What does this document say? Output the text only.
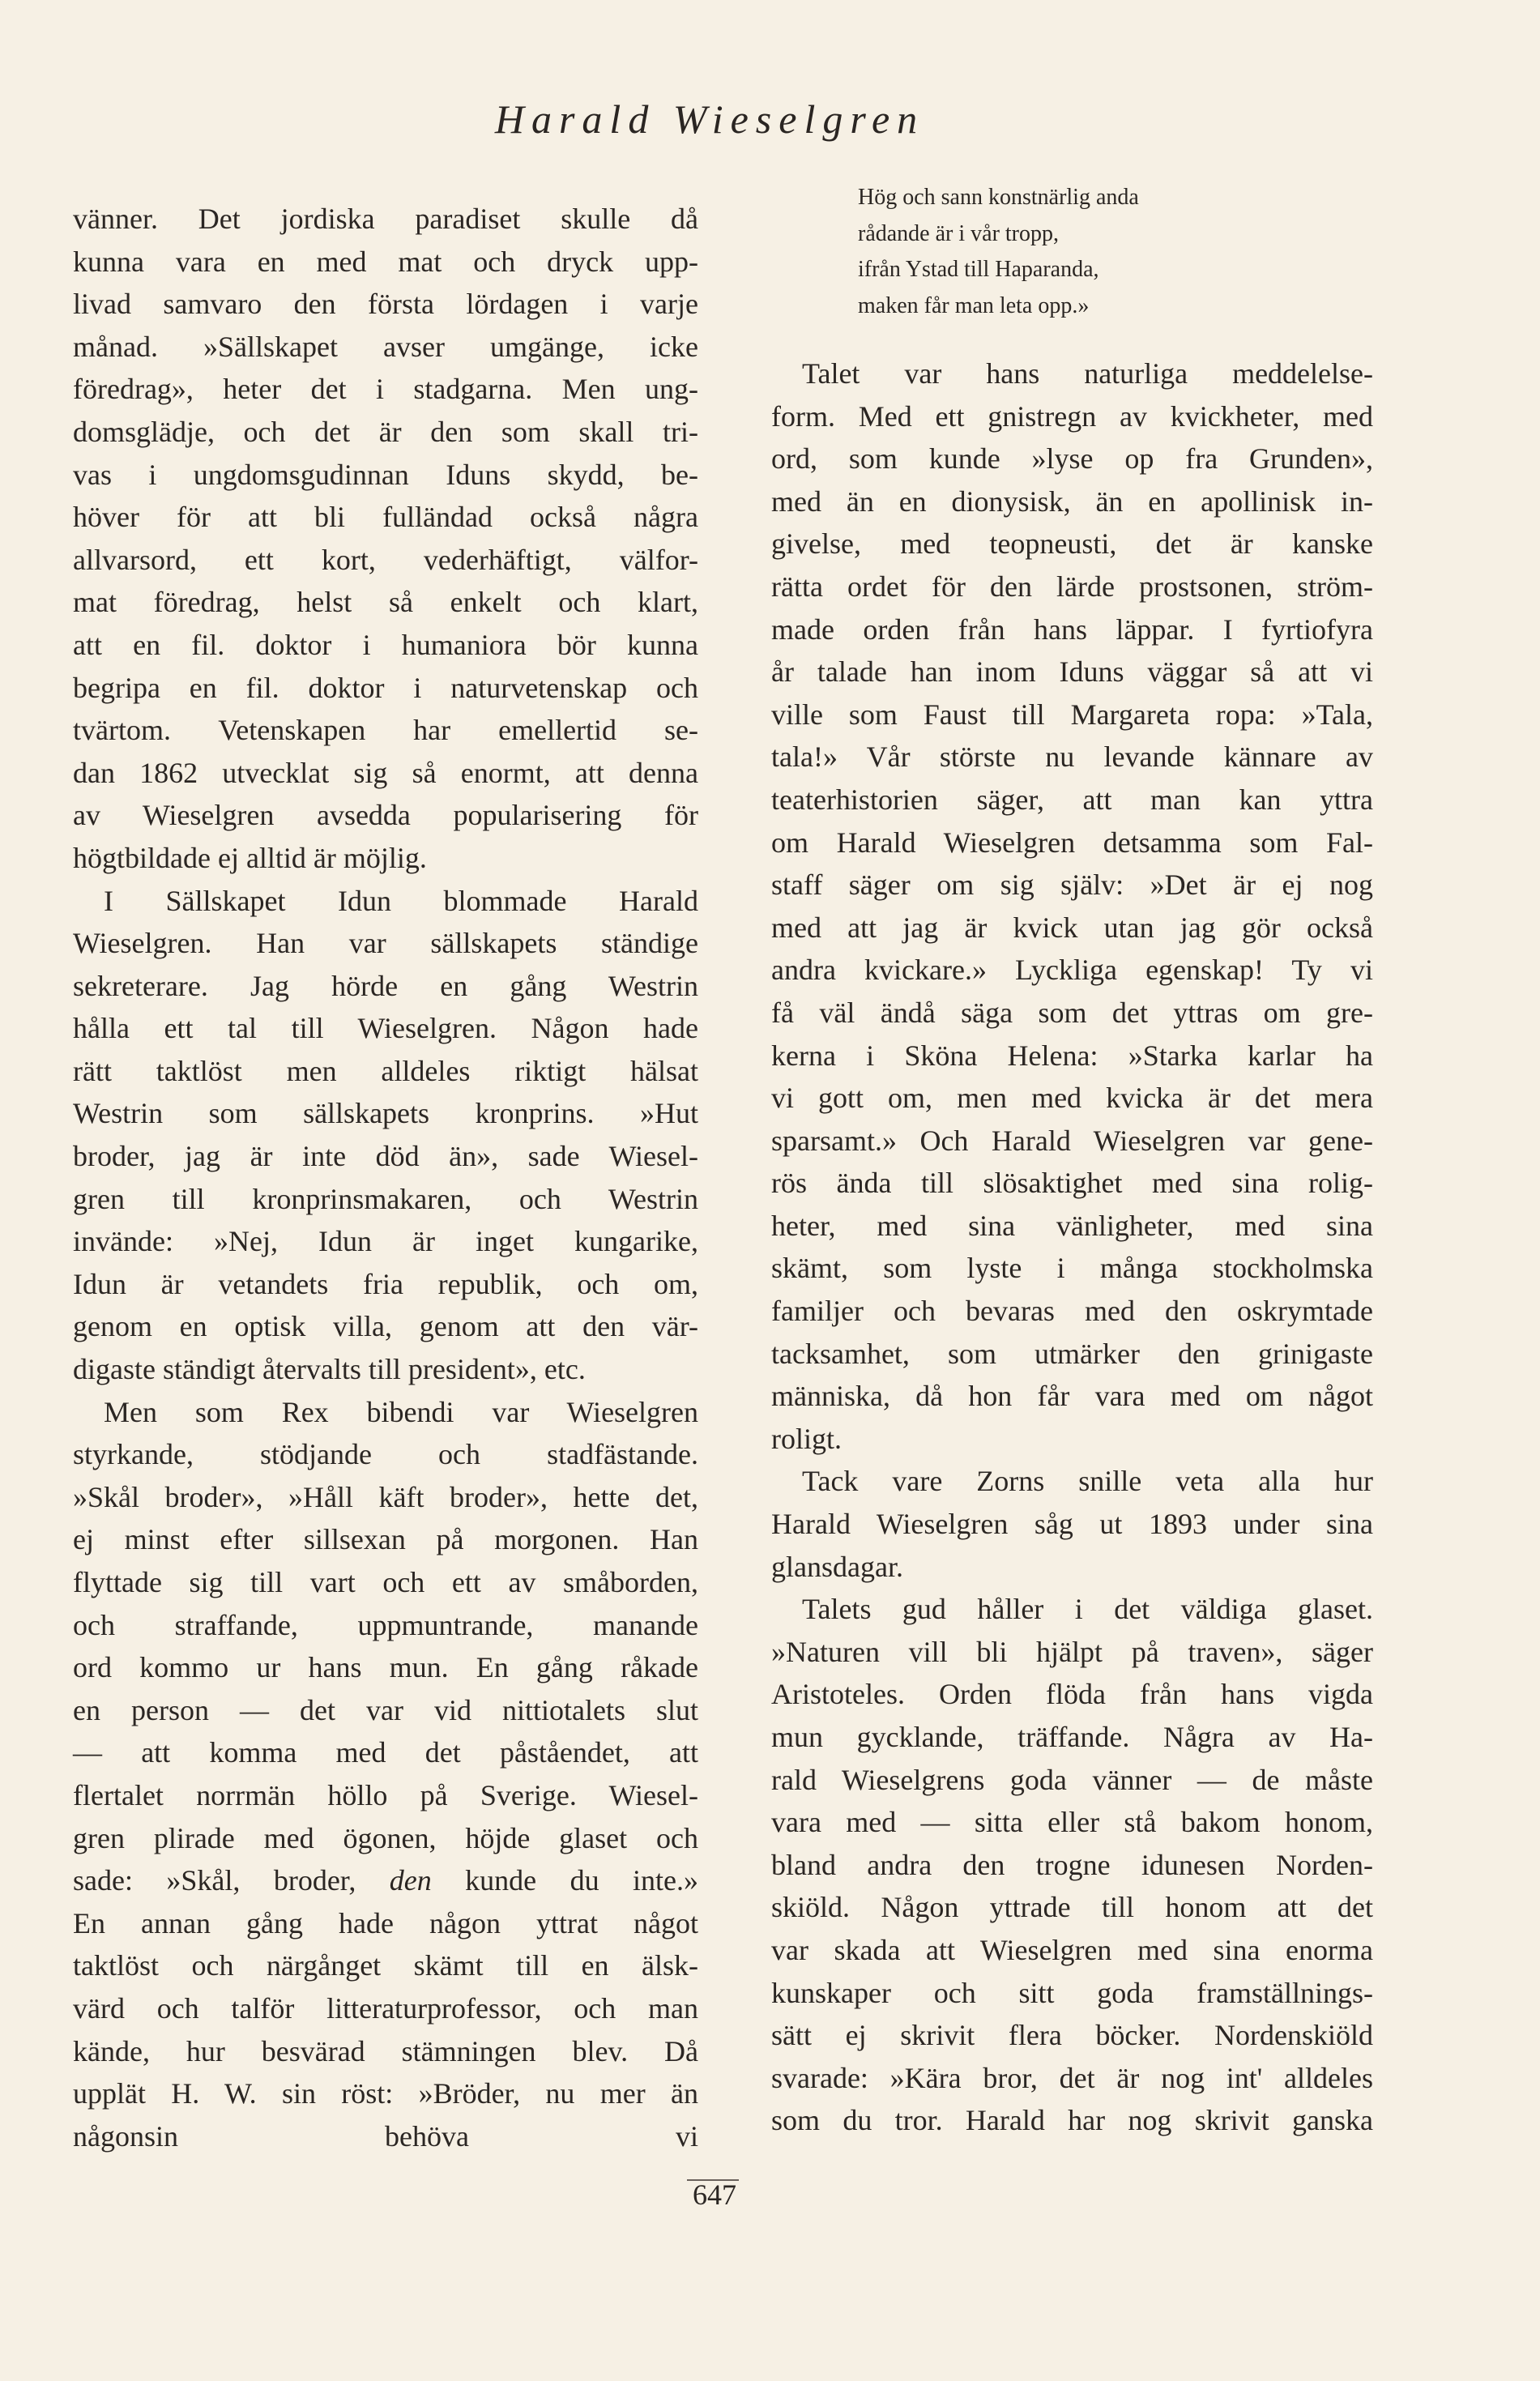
Harald Wieselgren
vänner. Det jordiska paradiset skulle då
kunna vara en med mat och dryck upp-
livad samvaro den första lördagen i varje
månad. »Sällskapet avser umgänge, icke
föredrag», heter det i stadgarna. Men ung-
domsglädje, och det är den som skall tri-
vas i ungdomsgudinnan Iduns skydd, be-
höver för att bli fulländad också några
allvarsord, ett kort, vederhäftigt, välfor-
mat föredrag, helst så enkelt och klart,
att en fil. doktor i humaniora bör kunna
begripa en fil. doktor i naturvetenskap och
tvärtom. Vetenskapen har emellertid se-
dan 1862 utvecklat sig så enormt, att denna
av Wieselgren avsedda popularisering för
högtbildade ej alltid är möjlig.
I Sällskapet Idun blommade Harald
Wieselgren. Han var sällskapets ständige
sekreterare. Jag hörde en gång Westrin
hålla ett tal till Wieselgren. Någon hade
rätt taktlöst men alldeles riktigt hälsat
Westrin som sällskapets kronprins. »Hut
broder, jag är inte död än», sade Wiesel-
gren till kronprinsmakaren, och Westrin
invände: »Nej, Idun är inget kungarike,
Idun är vetandets fria republik, och om,
genom en optisk villa, genom att den vär-
digaste ständigt återvalts till president», etc.
Men som Rex bibendi var Wieselgren
styrkande, stödjande och stadfästande.
»Skål broder», »Håll käft broder», hette det,
ej minst efter sillsexan på morgonen. Han
flyttade sig till vart och ett av småborden,
och straffande, uppmuntrande, manande
ord kommo ur hans mun. En gång råkade
en person — det var vid nittiotalets slut
— att komma med det påståendet, att
flertalet norrmän höllo på Sverige. Wiesel-
gren plirade med ögonen, höjde glaset och
sade: »Skål, broder, den kunde du inte.»
En annan gång hade någon yttrat något
taktlöst och närgånget skämt till en älsk-
värd och talför litteraturprofessor, och man
kände, hur besvärad stämningen blev. Då
upplät H. W. sin röst: »Bröder, nu mer än
någonsin behöva vi
Hög och sann konstnärlig anda
rådande är i vår tropp,
ifrån Ystad till Haparanda,
maken får man leta opp.»
Talet var hans naturliga meddelelse-
form. Med ett gnistregn av kvickheter, med
ord, som kunde »lyse op fra Grunden»,
med än en dionysisk, än en apollinisk in-
givelse, med teopneusti, det är kanske
rätta ordet för den lärde prostsonen, ström-
made orden från hans läppar. I fyrtiofyra
år talade han inom Iduns väggar så att vi
ville som Faust till Margareta ropa: »Tala,
tala!» Vår störste nu levande kännare av
teaterhistorien säger, att man kan yttra
om Harald Wieselgren detsamma som Fal-
staff säger om sig själv: »Det är ej nog
med att jag är kvick utan jag gör också
andra kvickare.» Lyckliga egenskap! Ty vi
få väl ändå säga som det yttras om gre-
kerna i Sköna Helena: »Starka karlar ha
vi gott om, men med kvicka är det mera
sparsamt.» Och Harald Wieselgren var gene-
rös ända till slösaktighet med sina rolig-
heter, med sina vänligheter, med sina
skämt, som lyste i många stockholmska
familjer och bevaras med den oskrymtade
tacksamhet, som utmärker den grinigaste
människa, då hon får vara med om något
roligt.
Tack vare Zorns snille veta alla hur
Harald Wieselgren såg ut 1893 under sina
glansdagar.
Talets gud håller i det väldiga glaset.
»Naturen vill bli hjälpt på traven», säger
Aristoteles. Orden flöda från hans vigda
mun gycklande, träffande. Några av Ha-
rald Wieselgrens goda vänner — de måste
vara med — sitta eller stå bakom honom,
bland andra den trogne idunesen Norden-
skiöld. Någon yttrade till honom att det
var skada att Wieselgren med sina enorma
kunskaper och sitt goda framställnings-
sätt ej skrivit flera böcker. Nordenskiöld
svarade: »Kära bror, det är nog int' alldeles
som du tror. Harald har nog skrivit ganska
647
